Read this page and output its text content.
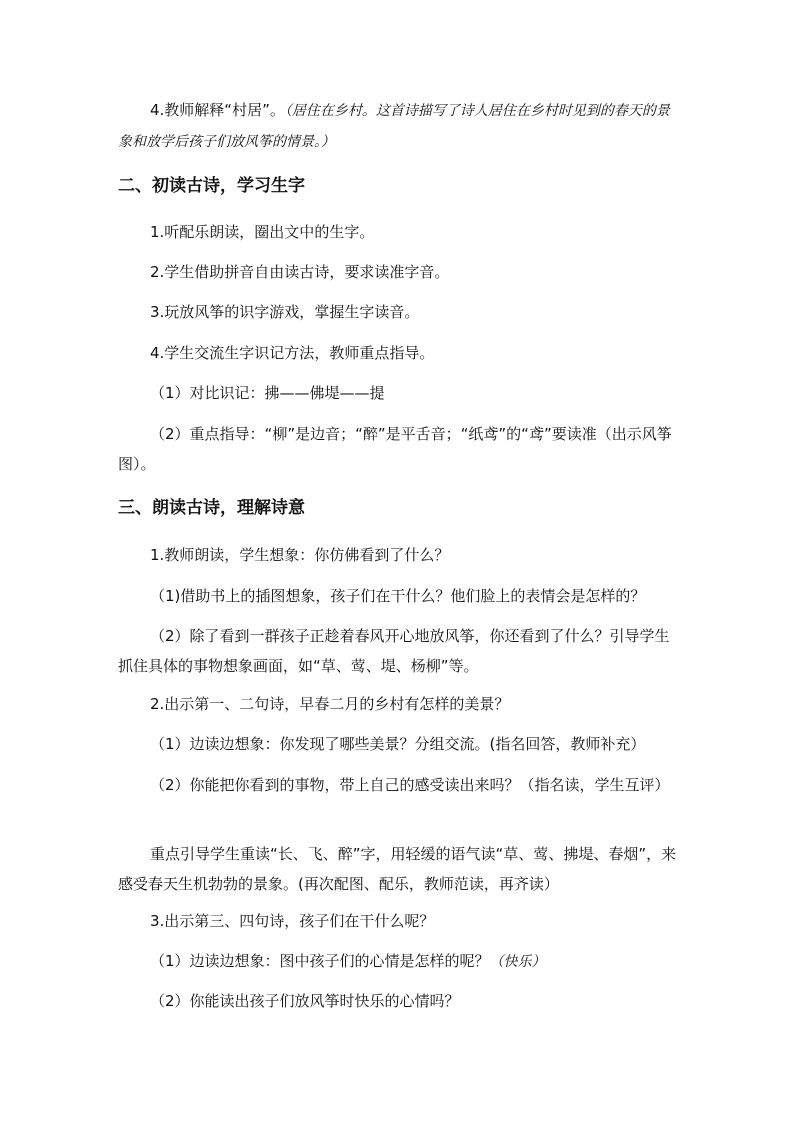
4.教师解释“村居”。（居住在乡村。这首诗描写了诗人居住在乡村时见到的春天的景象和放学后孩子们放风筝的情景。）
二、初读古诗，学习生字
1.听配乐朗读，圈出文中的生字。
2.学生借助拼音自由读古诗，要求读准字音。
3.玩放风筝的识字游戏，掌握生字读音。
4.学生交流生字识记方法，教师重点指导。
（1）对比识记：拂——佛堤——提
（2）重点指导：“柳”是边音；“醉”是平舌音；“纸鸢”的“鸢”要读准（出示风筝图）。
三、朗读古诗，理解诗意
1.教师朗读，学生想象：你仿佛看到了什么？
（1)借助书上的插图想象，孩子们在干什么？他们脸上的表情会是怎样的？
（2）除了看到一群孩子正趁着春风开心地放风筝，你还看到了什么？引导学生抓住具体的事物想象画面，如“草、莺、堤、杨柳”等。
2.出示第一、二句诗，早春二月的乡村有怎样的美景？
（1）边读边想象：你发现了哪些美景？分组交流。(指名回答，教师补充）
（2）你能把你看到的事物，带上自己的感受读出来吗？（指名读，学生互评）
重点引导学生重读“长、飞、醉”字，用轻缓的语气读“草、莺、拂堤、春烟”，来感受春天生机勃勃的景象。(再次配图、配乐，教师范读，再齐读）
3.出示第三、四句诗，孩子们在干什么呢？
（1）边读边想象：图中孩子们的心情是怎样的呢？（快乐）
（2）你能读出孩子们放风筝时快乐的心情吗？
